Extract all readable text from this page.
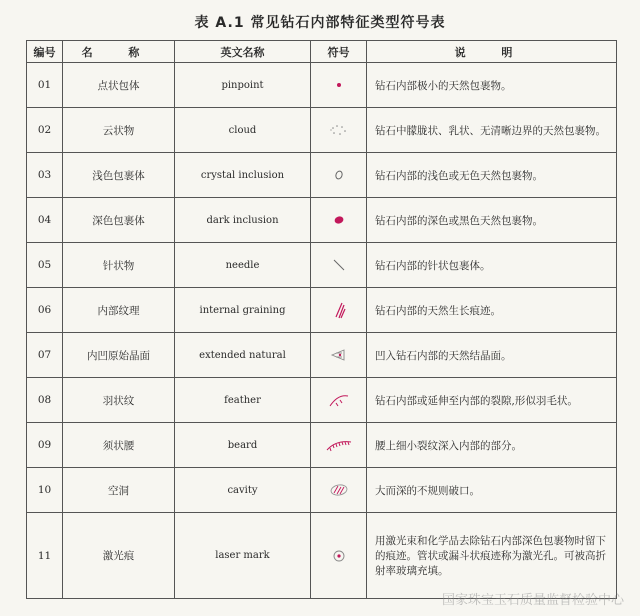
表 A.1 常见钻石内部特征类型符号表
编号	名 称	英文名称	符号	说 明
01	点状包体	pinpoint		钻石内部极小的天然包裹物。
02	云状物	cloud		钻石中朦胧状、乳状、无清晰边界的天然包裹物。
03	浅色包裹体	crystal inclusion		钻石内部的浅色或无色天然包裹物。
04	深色包裹体	dark inclusion		钻石内部的深色或黑色天然包裹物。
05	针状物	needle		钻石内部的针状包裹体。
06	内部纹理	internal graining		钻石内部的天然生长痕迹。
07	内凹原始晶面	extended natural		凹入钻石内部的天然结晶面。
08	羽状纹	feather		钻石内部或延伸至内部的裂隙,形似羽毛状。
09	须状腰	beard		腰上细小裂纹深入内部的部分。
10	空洞	cavity		大而深的不规则破口。
11	激光痕	laser mark		用激光束和化学品去除钻石内部深色包裹物时留下的痕迹。管状或漏斗状痕迹称为激光孔。可被高折射率玻璃充填。
国家珠宝玉石质量监督检验中心
